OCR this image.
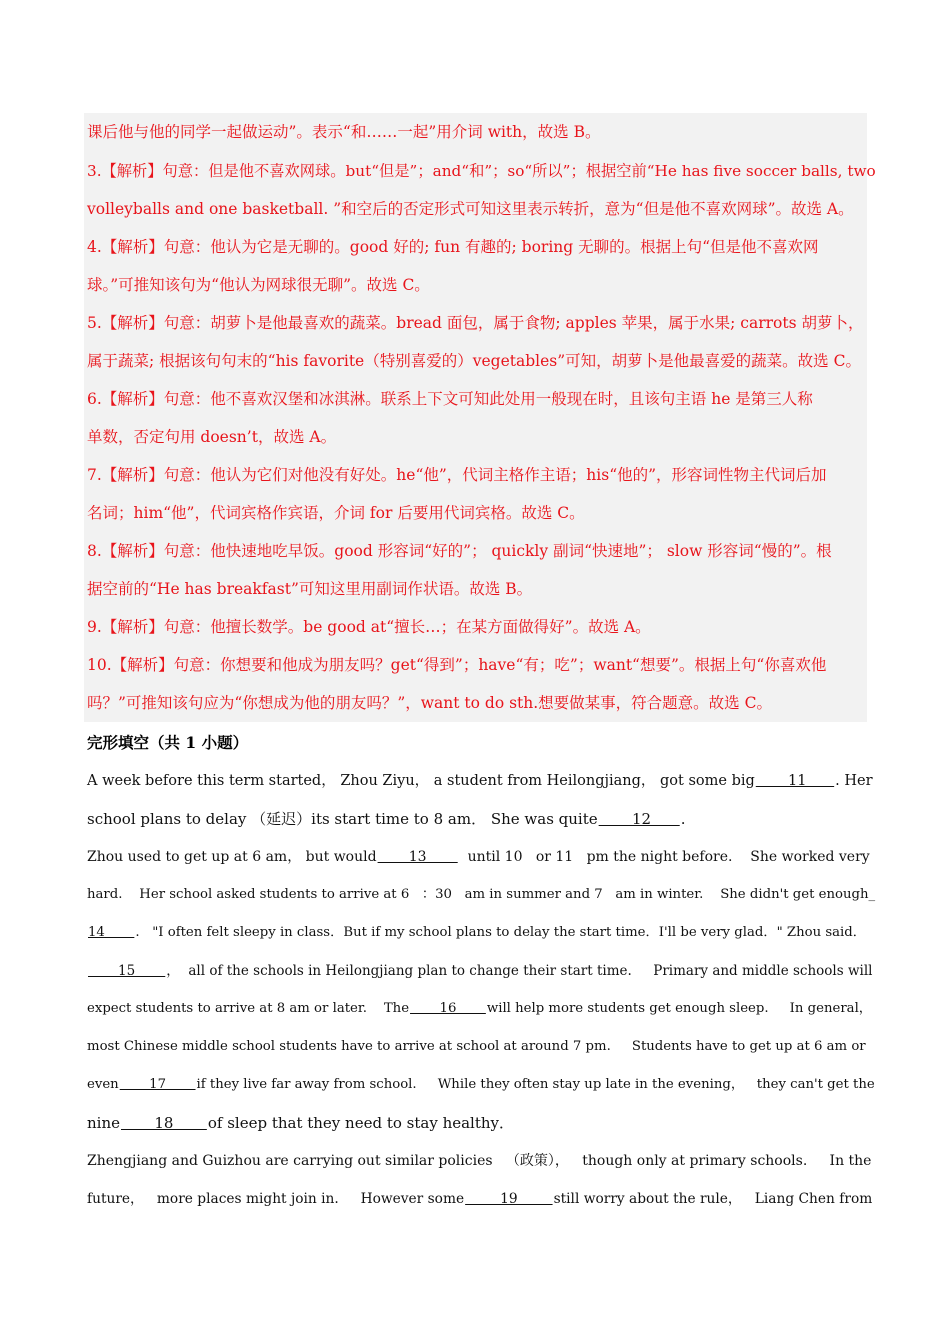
课后他与他的同学一起做运动”。表示“和……一起”用介词 with，故选 B。
3.【解析】句意：但是他不喜欢网球。but“但是”；and“和”；so“所以”；根据空前“He has five soccer balls, two
volleyballs and one basketball. ”和空后的否定形式可知这里表示转折，意为“但是他不喜欢网球”。故选 A。
4.【解析】句意：他认为它是无聊的。good 好的; fun 有趣的; boring 无聊的。根据上句“但是他不喜欢网
球。”可推知该句为“他认为网球很无聊”。故选 C。
5.【解析】句意：胡萝卜是他最喜欢的蔬菜。bread 面包，属于食物; apples 苹果，属于水果; carrots 胡萝卜，
属于蔬菜; 根据该句句末的“his favorite（特别喜爱的）vegetables”可知，胡萝卜是他最喜爱的蔬菜。故选 C。
6.【解析】句意：他不喜欢汉堡和冰淇淋。联系上下文可知此处用一般现在时，且该句主语 he 是第三人称
单数，否定句用 doesn’t，故选 A。
7.【解析】句意：他认为它们对他没有好处。he“他”，代词主格作主语；his“他的”，形容词性物主代词后加
名词；him“他”，代词宾格作宾语，介词 for 后要用代词宾格。故选 C。
8.【解析】句意：他快速地吃早饭。good 形容词“好的”； quickly 副词“快速地”； slow 形容词“慢的”。根
据空前的“He has breakfast”可知这里用副词作状语。故选 B。
9.【解析】句意：他擅长数学。be good at“擅长…；在某方面做得好”。故选 A。
10.【解析】句意：你想要和他成为朋友吗？get“得到”；have“有；吃”；want“想要”。根据上句“你喜欢他
吗？”可推知该句应为“你想成为他的朋友吗？”，want to do sth.想要做某事，符合题意。故选 C。
完形填空（共 1 小题）
A week before this term started， Zhou Ziyu， a student from Heilongjiang， got some big       11      . Her
school plans to delay （延迟）its start time to 8 am． She was quite       12      .
Zhou used to get up at 6 am， but would       13         until 10   or 11   pm the night before.    She worked very
hard.    Her school asked students to arrive at 6   ：30   am in summer and 7   am in winter.    She didn't get enough_
14       .   "I often felt sleepy in class．But if my school plans to delay the start time．I'll be very glad．" Zhou said．
15       ，  all of the schools in Heilongjiang plan to change their start time.     Primary and middle schools will
expect students to arrive at 8 am or later.    The       16       will help more students get enough sleep.     In general，
most Chinese middle school students have to arrive at school at around 7 pm.     Students have to get up at 6 am or
even       17       if they live far away from school.     While they often stay up late in the evening，   they can't get the
nine       18       of sleep that they need to stay healthy．
Zhengjiang and Guizhou are carrying out similar policies   （政策），   though only at primary schools.     In the
future，   more places might join in.     However some        19        still worry about the rule，   Liang Chen from
